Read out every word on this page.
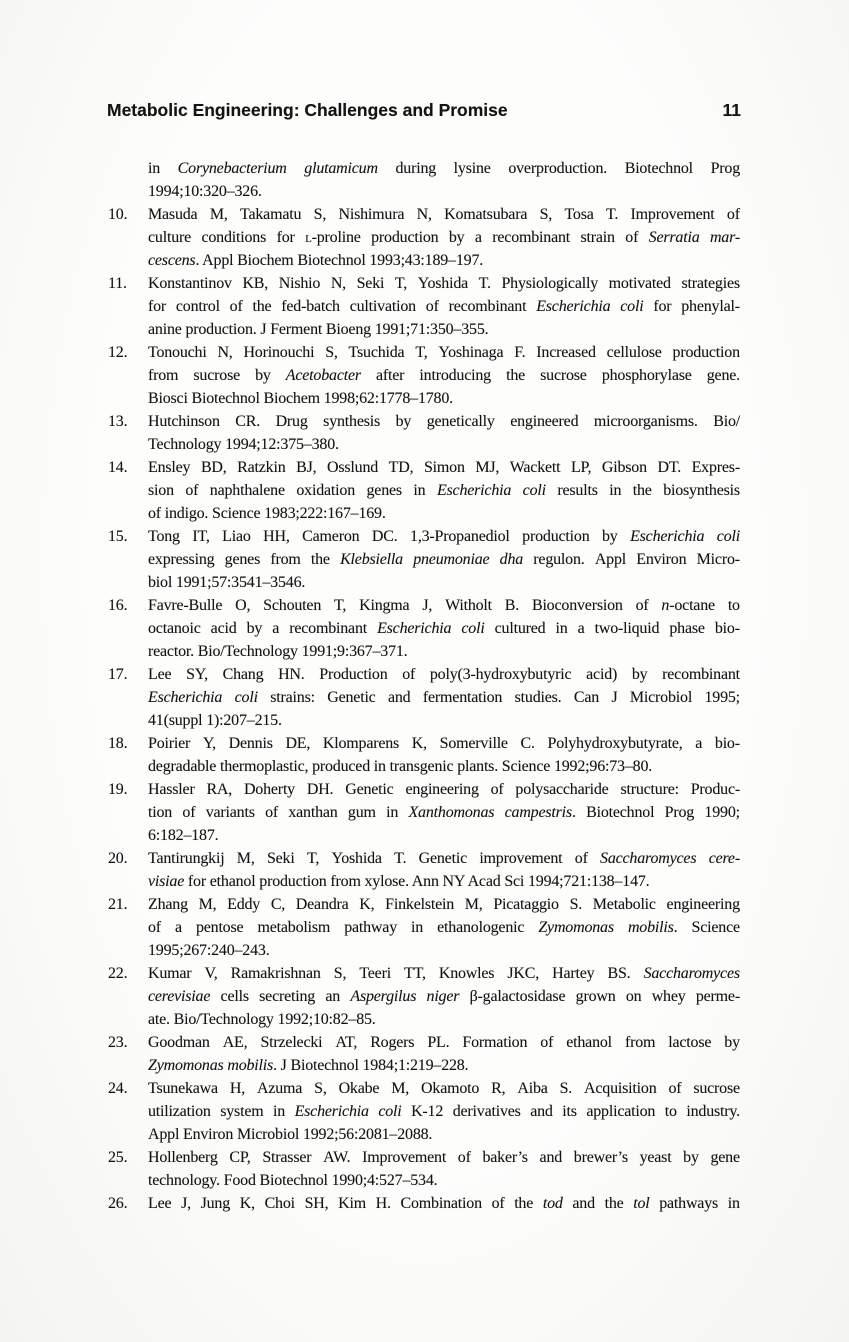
Metabolic Engineering: Challenges and Promise	11
in Corynebacterium glutamicum during lysine overproduction. Biotechnol Prog
1994;10:320–326.
10.	Masuda M, Takamatu S, Nishimura N, Komatsubara S, Tosa T. Improvement of
culture conditions for l-proline production by a recombinant strain of Serratia mar-
cescens. Appl Biochem Biotechnol 1993;43:189–197.
11.	Konstantinov KB, Nishio N, Seki T, Yoshida T. Physiologically motivated strategies
for control of the fed-batch cultivation of recombinant Escherichia coli for phenylal-
anine production. J Ferment Bioeng 1991;71:350–355.
12.	Tonouchi N, Horinouchi S, Tsuchida T, Yoshinaga F. Increased cellulose production
from sucrose by Acetobacter after introducing the sucrose phosphorylase gene.
Biosci Biotechnol Biochem 1998;62:1778–1780.
13.	Hutchinson CR. Drug synthesis by genetically engineered microorganisms. Bio/
Technology 1994;12:375–380.
14.	Ensley BD, Ratzkin BJ, Osslund TD, Simon MJ, Wackett LP, Gibson DT. Expres-
sion of naphthalene oxidation genes in Escherichia coli results in the biosynthesis
of indigo. Science 1983;222:167–169.
15.	Tong IT, Liao HH, Cameron DC. 1,3-Propanediol production by Escherichia coli
expressing genes from the Klebsiella pneumoniae dha regulon. Appl Environ Micro-
biol 1991;57:3541–3546.
16.	Favre-Bulle O, Schouten T, Kingma J, Witholt B. Bioconversion of n-octane to
octanoic acid by a recombinant Escherichia coli cultured in a two-liquid phase bio-
reactor. Bio/Technology 1991;9:367–371.
17.	Lee SY, Chang HN. Production of poly(3-hydroxybutyric acid) by recombinant
Escherichia coli strains: Genetic and fermentation studies. Can J Microbiol 1995;
41(suppl 1):207–215.
18.	Poirier Y, Dennis DE, Klomparens K, Somerville C. Polyhydroxybutyrate, a bio-
degradable thermoplastic, produced in transgenic plants. Science 1992;96:73–80.
19.	Hassler RA, Doherty DH. Genetic engineering of polysaccharide structure: Produc-
tion of variants of xanthan gum in Xanthomonas campestris. Biotechnol Prog 1990;
6:182–187.
20.	Tantirungkij M, Seki T, Yoshida T. Genetic improvement of Saccharomyces cere-
visiae for ethanol production from xylose. Ann NY Acad Sci 1994;721:138–147.
21.	Zhang M, Eddy C, Deandra K, Finkelstein M, Picataggio S. Metabolic engineering
of a pentose metabolism pathway in ethanologenic Zymomonas mobilis. Science
1995;267:240–243.
22.	Kumar V, Ramakrishnan S, Teeri TT, Knowles JKC, Hartey BS. Saccharomyces
cerevisiae cells secreting an Aspergilus niger β-galactosidase grown on whey perme-
ate. Bio/Technology 1992;10:82–85.
23.	Goodman AE, Strzelecki AT, Rogers PL. Formation of ethanol from lactose by
Zymomonas mobilis. J Biotechnol 1984;1:219–228.
24.	Tsunekawa H, Azuma S, Okabe M, Okamoto R, Aiba S. Acquisition of sucrose
utilization system in Escherichia coli K-12 derivatives and its application to industry.
Appl Environ Microbiol 1992;56:2081–2088.
25.	Hollenberg CP, Strasser AW. Improvement of baker’s and brewer’s yeast by gene
technology. Food Biotechnol 1990;4:527–534.
26.	Lee J, Jung K, Choi SH, Kim H. Combination of the tod and the tol pathways in
